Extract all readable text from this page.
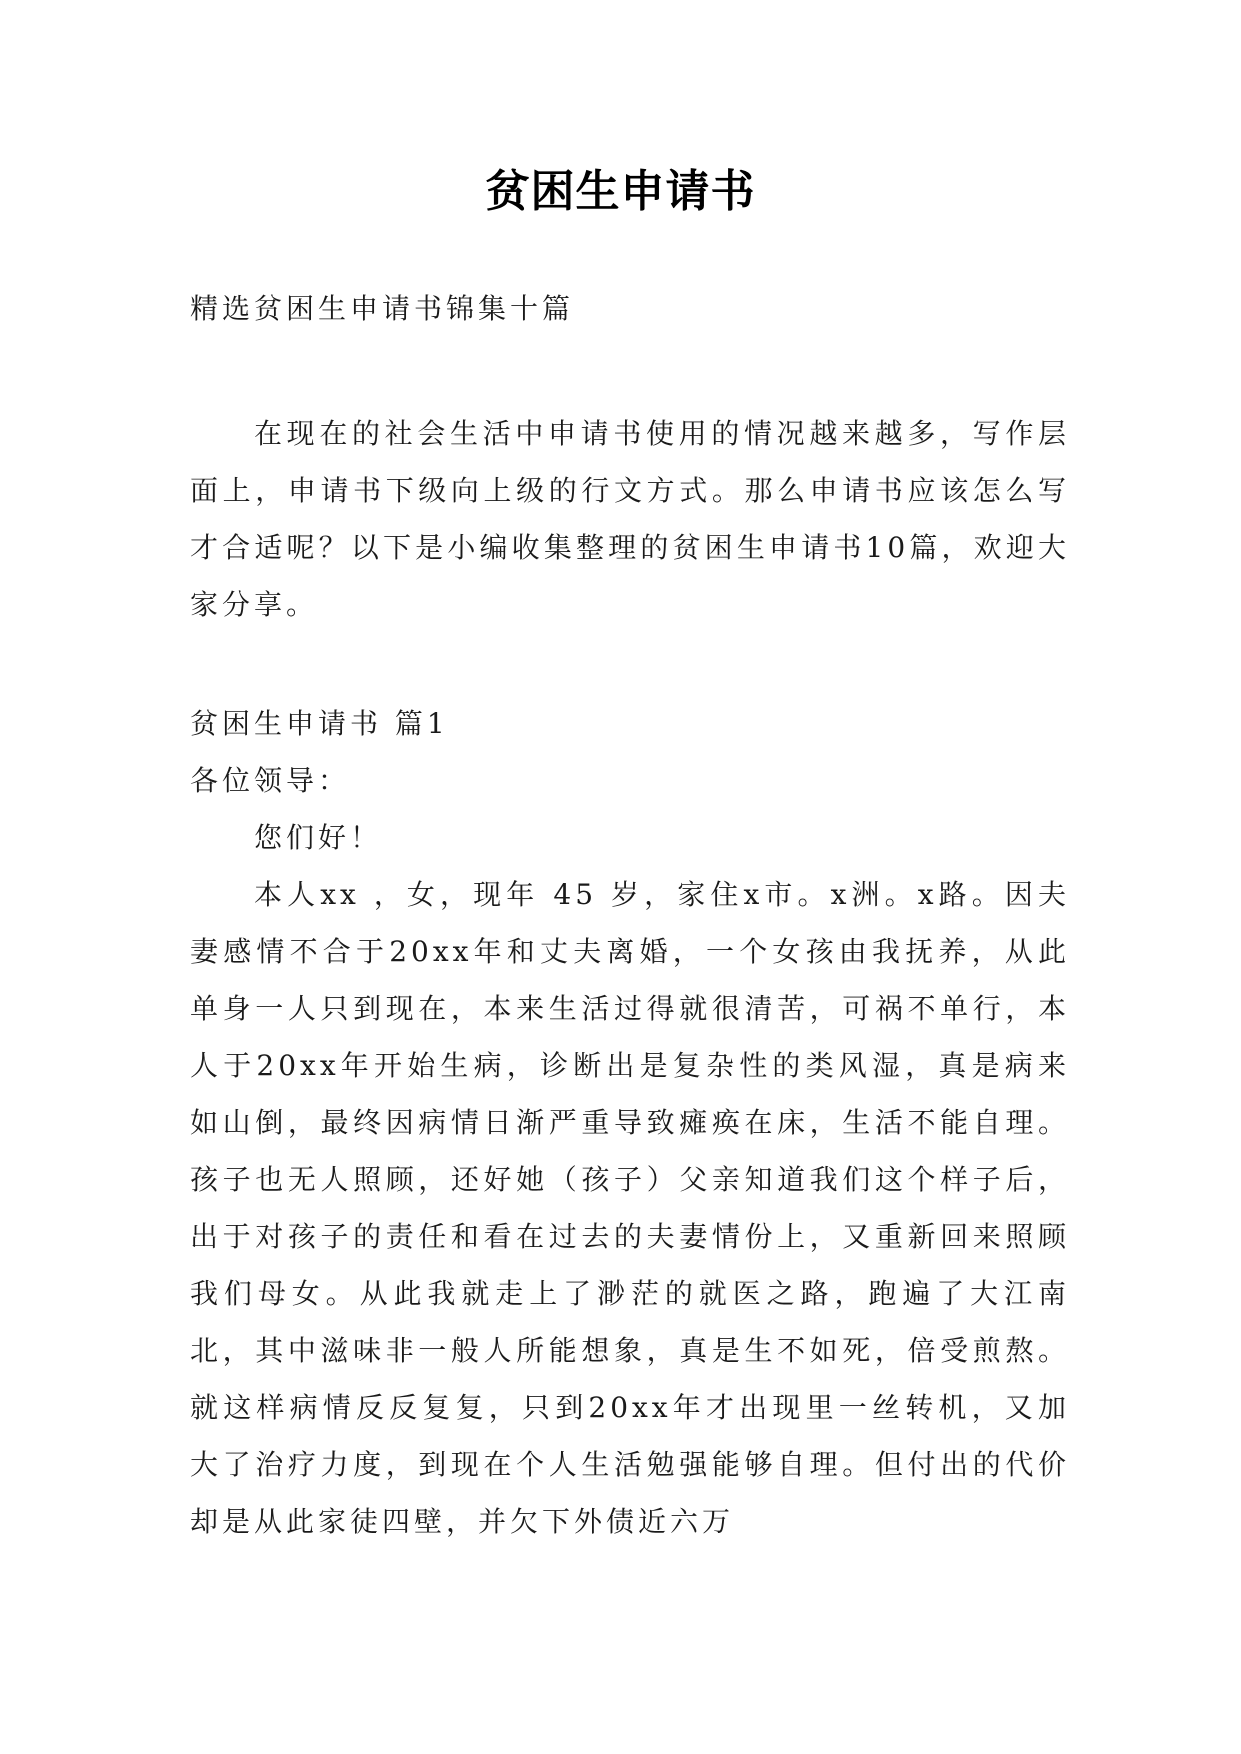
贫困生申请书
精选贫困生申请书锦集十篇

在现在的社会生活中申请书使用的情况越来越多，写作层面上，申请书下级向上级的行文方式。那么申请书应该怎么写才合适呢？以下是小编收集整理的贫困生申请书10篇，欢迎大家分享。

贫困生申请书 篇1

各位领导：

您们好！

本人xx ，女，现年 45 岁，家住x市。x洲。x路。因夫妻感情不合于20xx年和丈夫离婚，一个女孩由我抚养，从此单身一人只到现在，本来生活过得就很清苦，可祸不单行，本人于20xx年开始生病，诊断出是复杂性的类风湿，真是病来如山倒，最终因病情日渐严重导致瘫痪在床，生活不能自理。孩子也无人照顾，还好她（孩子）父亲知道我们这个样子后，出于对孩子的责任和看在过去的夫妻情份上，又重新回来照顾我们母女。从此我就走上了渺茫的就医之路，跑遍了大江南北，其中滋味非一般人所能想象，真是生不如死，倍受煎熬。就这样病情反反复复，只到20xx年才出现里一丝转机，又加大了治疗力度，到现在个人生活勉强能够自理。但付出的代价却是从此家徒四壁，并欠下外债近六万
